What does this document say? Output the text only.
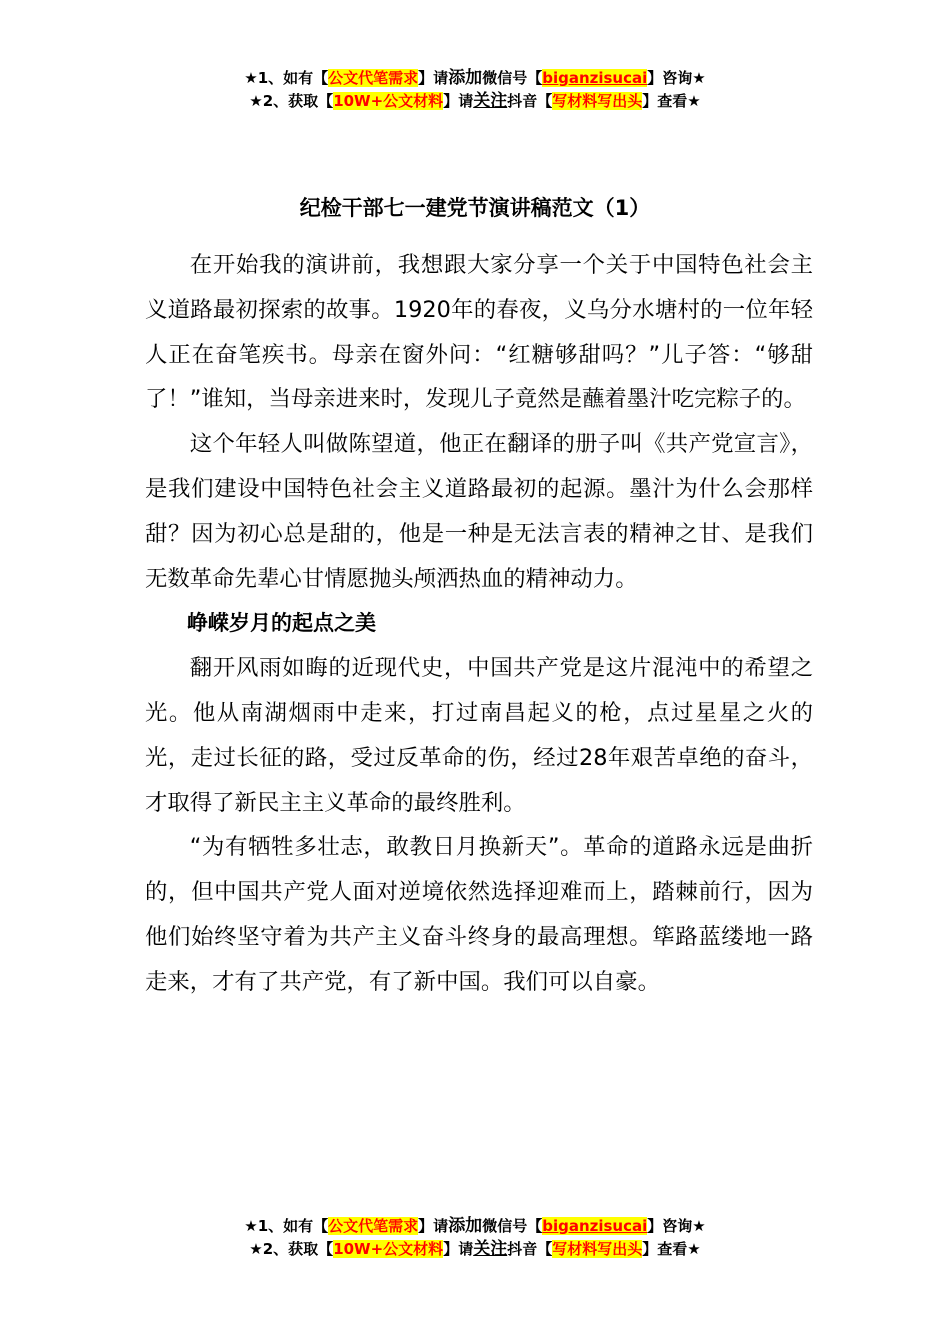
★1、如有【公文代笔需求】请添加微信号【biganzisucai】咨询★
★2、获取【10W+公文材料】请关注抖音【写材料写出头】查看★
纪检干部七一建党节演讲稿范文（1）

在开始我的演讲前，我想跟大家分享一个关于中国特色社会主义道路最初探索的故事。1920年的春夜，义乌分水塘村的一位年轻人正在奋笔疾书。母亲在窗外问：“红糖够甜吗？”儿子答：“够甜了！”谁知，当母亲进来时，发现儿子竟然是蘸着墨汁吃完粽子的。

这个年轻人叫做陈望道，他正在翻译的册子叫《共产党宣言》，是我们建设中国特色社会主义道路最初的起源。墨汁为什么会那样甜？因为初心总是甜的，他是一种是无法言表的精神之甘、是我们无数革命先辈心甘情愿抛头颅洒热血的精神动力。

峥嵘岁月的起点之美

翻开风雨如晦的近现代史，中国共产党是这片混沌中的希望之光。他从南湖烟雨中走来，打过南昌起义的枪，点过星星之火的光，走过长征的路，受过反革命的伤，经过28年艰苦卓绝的奋斗，才取得了新民主主义革命的最终胜利。

“为有牺牲多壮志，敢教日月换新天”。革命的道路永远是曲折的，但中国共产党人面对逆境依然选择迎难而上，踏棘前行，因为他们始终坚守着为共产主义奋斗终身的最高理想。筚路蓝缕地一路走来，才有了共产党，有了新中国。我们可以自豪。

★1、如有【公文代笔需求】请添加微信号【biganzisucai】咨询★
★2、获取【10W+公文材料】请关注抖音【写材料写出头】查看★
